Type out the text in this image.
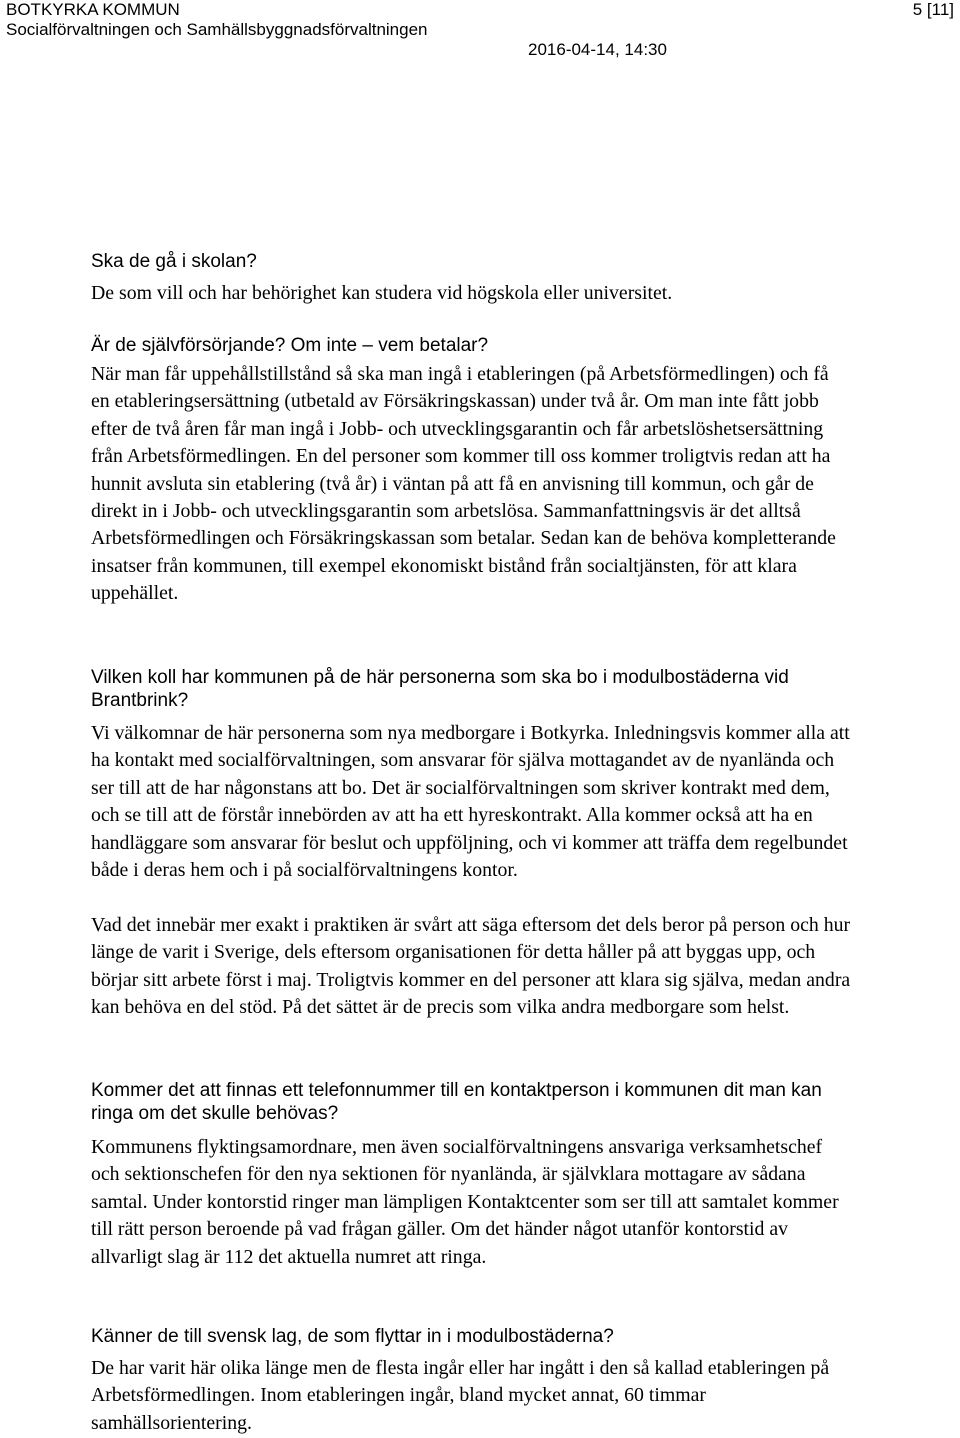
BOTKYRKA KOMMUN
Socialförvaltningen och Samhällsbyggnadsförvaltningen
5 [11]
2016-04-14, 14:30

Ska de gå i skolan?

De som vill och har behörighet kan studera vid högskola eller universitet.

Är de självförsörjande? Om inte – vem betalar?

När man får uppehållstillstånd så ska man ingå i etableringen (på Arbetsförmedlingen) och få en etableringsersättning (utbetald av Försäkringskassan) under två år. Om man inte fått jobb efter de två åren får man ingå i Jobb- och utvecklingsgarantin och får arbetslöshetsersättning från Arbetsförmedlingen. En del personer som kommer till oss kommer troligtvis redan att ha hunnit avsluta sin etablering (två år) i väntan på att få en anvisning till kommun, och går de direkt in i Jobb- och utvecklingsgarantin som arbetslösa. Sammanfattningsvis är det alltså Arbetsförmedlingen och Försäkringskassan som betalar. Sedan kan de behöva kompletterande insatser från kommunen, till exempel ekonomiskt bistånd från socialtjänsten, för att klara uppehället.

Vilken koll har kommunen på de här personerna som ska bo i modulbostäderna vid Brantbrink?

Vi välkomnar de här personerna som nya medborgare i Botkyrka. Inledningsvis kommer alla att ha kontakt med socialförvaltningen, som ansvarar för själva mottagandet av de nyanlända och ser till att de har någonstans att bo. Det är socialförvaltningen som skriver kontrakt med dem, och se till att de förstår innebörden av att ha ett hyreskontrakt. Alla kommer också att ha en handläggare som ansvarar för beslut och uppföljning, och vi kommer att träffa dem regelbundet både i deras hem och i på socialförvaltningens kontor.

Vad det innebär mer exakt i praktiken är svårt att säga eftersom det dels beror på person och hur länge de varit i Sverige, dels eftersom organisationen för detta håller på att byggas upp, och börjar sitt arbete först i maj. Troligtvis kommer en del personer att klara sig själva, medan andra kan behöva en del stöd. På det sättet är de precis som vilka andra medborgare som helst.

Kommer det att finnas ett telefonnummer till en kontaktperson i kommunen dit man kan ringa om det skulle behövas?

Kommunens flyktingsamordnare, men även socialförvaltningens ansvariga verksamhetschef och sektionschefen för den nya sektionen för nyanlända, är självklara mottagare av sådana samtal. Under kontorstid ringer man lämpligen Kontaktcenter som ser till att samtalet kommer till rätt person beroende på vad frågan gäller. Om det händer något utanför kontorstid av allvarligt slag är 112 det aktuella numret att ringa.

Känner de till svensk lag, de som flyttar in i modulbostäderna?

De har varit här olika länge men de flesta ingår eller har ingått i den så kallad etableringen på Arbetsförmedlingen. Inom etableringen ingår, bland mycket annat, 60 timmar samhällsorientering.
